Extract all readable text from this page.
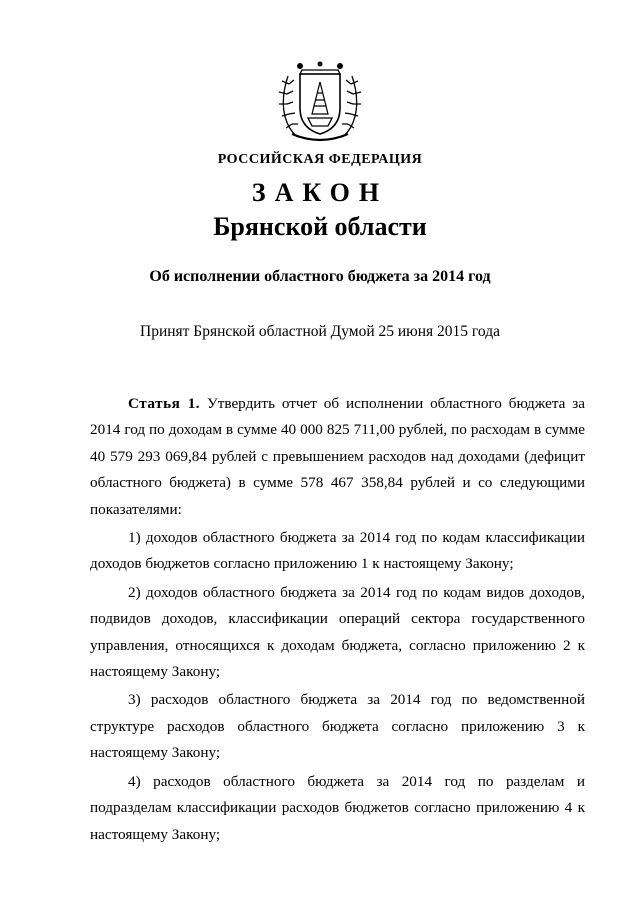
РОССИЙСКАЯ ФЕДЕРАЦИЯ

ЗАКОН

Брянской области

Об исполнении областного бюджета за 2014 год

Принят Брянской областной Думой 25 июня 2015 года

Статья 1. Утвердить отчет об исполнении областного бюджета за 2014 год по доходам в сумме 40 000 825 711,00 рублей, по расходам в сумме 40 579 293 069,84 рублей с превышением расходов над доходами (дефицит областного бюджета) в сумме 578 467 358,84 рублей и со следующими показателями:

1) доходов областного бюджета за 2014 год по кодам классификации доходов бюджетов согласно приложению 1 к настоящему Закону;

2) доходов областного бюджета за 2014 год по кодам видов доходов, подвидов доходов, классификации операций сектора государственного управления, относящихся к доходам бюджета, согласно приложению 2 к настоящему Закону;

3) расходов областного бюджета за 2014 год по ведомственной структуре расходов областного бюджета согласно приложению 3 к настоящему Закону;

4) расходов областного бюджета за 2014 год по разделам и подразделам классификации расходов бюджетов согласно приложению 4 к настоящему Закону;
